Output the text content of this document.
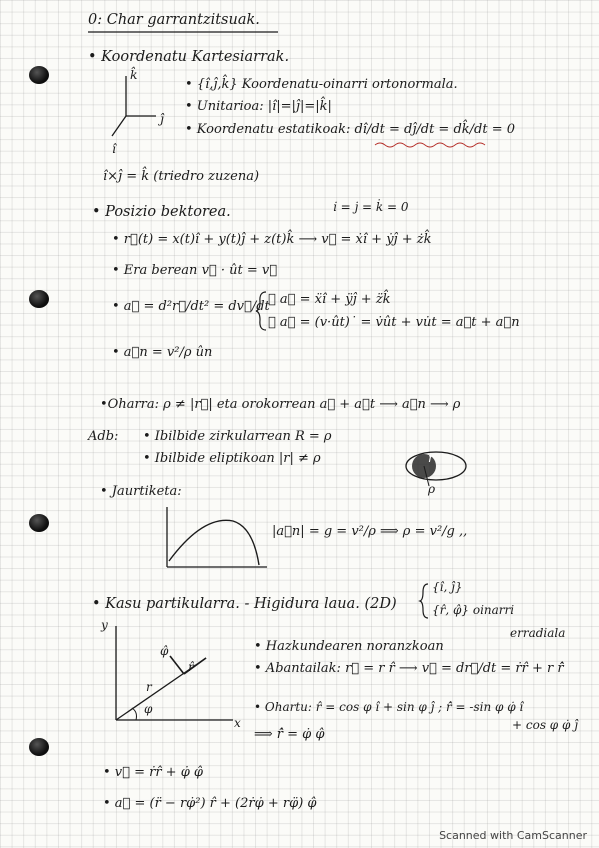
0: Char garrantzitsuak.
• Koordenatu Kartesiarrak.
k̂
ĵ
î
• {î,ĵ,k̂} Koordenatu-oinarri ortonormala.
• Unitarioa: |î|=|ĵ|=|k̂|
• Koordenatu estatikoak: dî/dt = dĵ/dt = dk̂/dt = 0
î×ĵ = k̂ (triedro zuzena)
• Posizio bektorea.	i̇ = j̇ = k̇ = 0
• r⃗(t) = x(t)î + y(t)ĵ + z(t)k̂ ⟶ v⃗ = ẋî + ẏĵ + żk̂
• Era berean v⃗ · ût = v⃗
• a⃗ = d²r⃗/dt² = dv⃗/dt
① a⃗ = ẍî + ÿĵ + z̈k̂
② a⃗ = (v·ût)˙ = v̇ût + vu̇t = a⃗t + a⃗n
• a⃗n = v²/ρ ûn
•Oharra: ρ ≠ |r⃗| eta orokorrean a⃗ + a⃗t ⟶ a⃗n ⟶ ρ
Adb: • Ibilbide zirkularrean R = ρ
• Ibilbide eliptikoan |r| ≠ ρ	r
ρ
• Jaurtiketa:
|a⃗n| = g = v²/ρ ⟹ ρ = v²/g ,,
• Kasu partikularra. - Higidura laua. (2D)
{î, ĵ}
{r̂, φ̂} oinarri
erradiala
y
x
φ̂
r̂
r
φ
• Hazkundearen noranzkoan
• Abantailak: r⃗ = r r̂ ⟶ v⃗ = dr⃗/dt = ṙr̂ + r r̂̇
• Ohartu: r̂ = cos φ î + sin φ ĵ ; r̂̇ = -sin φ φ̇ î
+ cos φ φ̇ ĵ
⟹ r̂̇ = φ̇ φ̂
• v⃗ = ṙr̂ + φ̇ φ̂
• a⃗ = (r̈ − rφ̇²) r̂ + (2ṙφ̇ + rφ̈) φ̂
Scanned with CamScanner
